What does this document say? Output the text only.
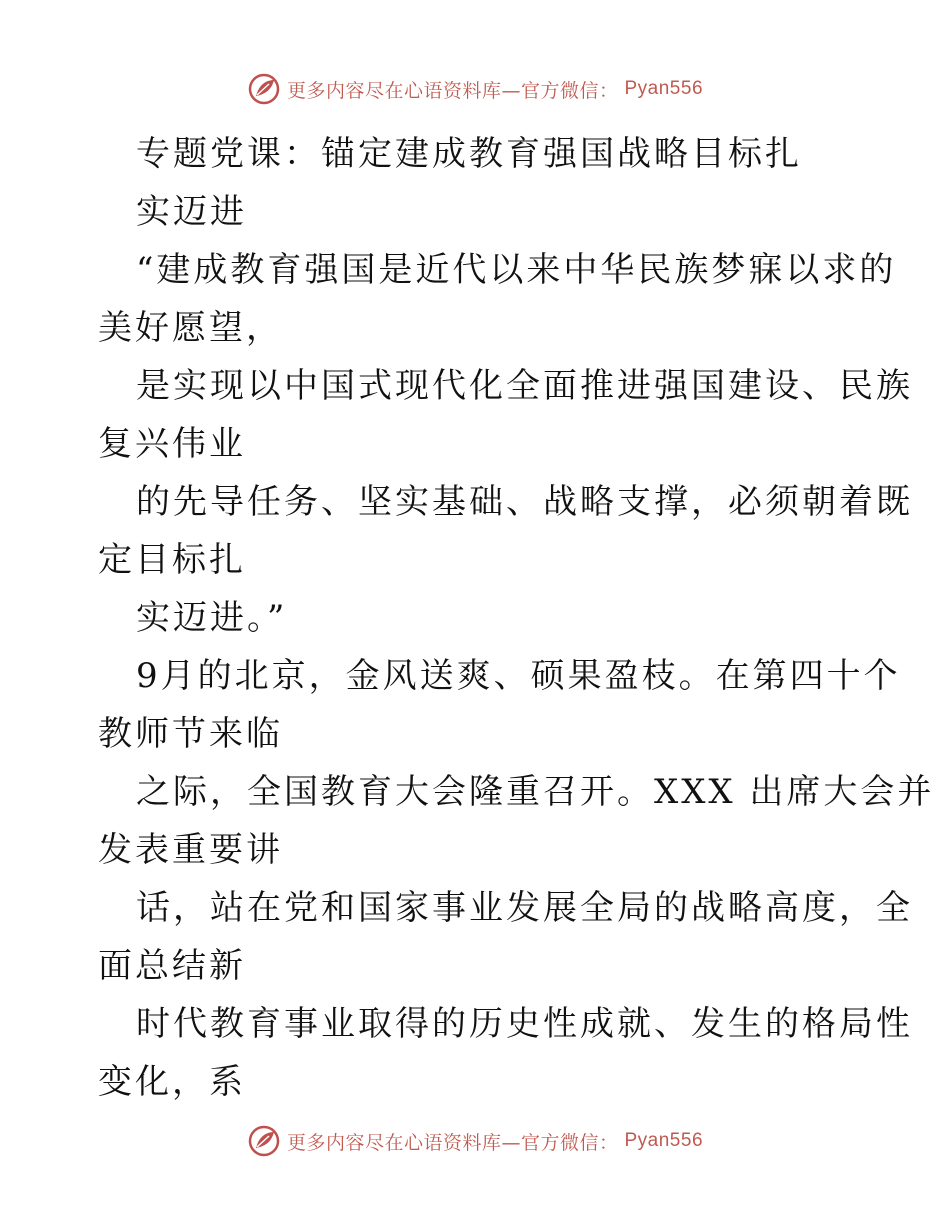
更多内容尽在心语资料库—官方微信： Pyan556

专题党课：锚定建成教育强国战略目标扎

实迈进

“建成教育强国是近代以来中华民族梦寐以求的
美好愿望，

是实现以中国式现代化全面推进强国建设、民族
复兴伟业

的先导任务、坚实基础、战略支撑，必须朝着既
定目标扎

实迈进。”

9月的北京，金风送爽、硕果盈枝。在第四十个
教师节来临

之际，全国教育大会隆重召开。XXX 出席大会并
发表重要讲

话，站在党和国家事业发展全局的战略高度，全
面总结新

时代教育事业取得的历史性成就、发生的格局性
变化，系

更多内容尽在心语资料库—官方微信： Pyan556
